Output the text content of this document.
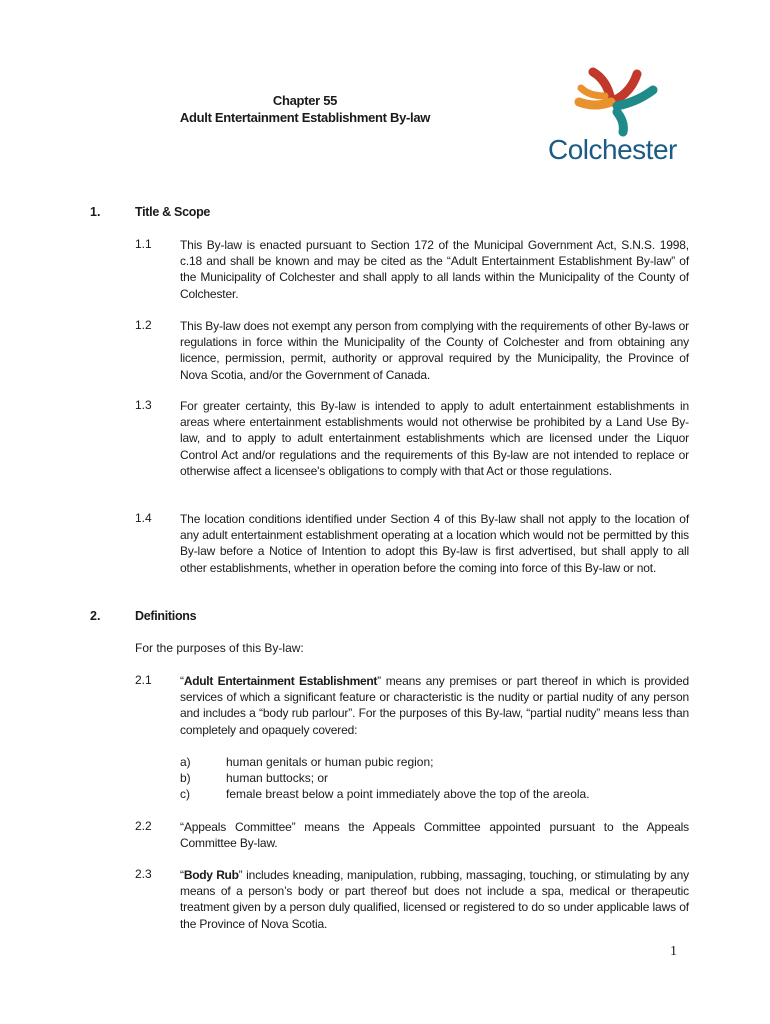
Chapter 55
Adult Entertainment Establishment By-law
Colchester
1.	Title & Scope
1.1 This By-law is enacted pursuant to Section 172 of the Municipal Government Act, S.N.S. 1998, c.18 and shall be known and may be cited as the “Adult Entertainment Establishment By-law” of the Municipality of Colchester and shall apply to all lands within the Municipality of the County of Colchester.
1.2 This By-law does not exempt any person from complying with the requirements of other By-laws or regulations in force within the Municipality of the County of Colchester and from obtaining any licence, permission, permit, authority or approval required by the Municipality, the Province of Nova Scotia, and/or the Government of Canada.
1.3 For greater certainty, this By-law is intended to apply to adult entertainment establishments in areas where entertainment establishments would not otherwise be prohibited by a Land Use By-law, and to apply to adult entertainment establishments which are licensed under the Liquor Control Act and/or regulations and the requirements of this By-law are not intended to replace or otherwise affect a licensee's obligations to comply with that Act or those regulations.
1.4 The location conditions identified under Section 4 of this By-law shall not apply to the location of any adult entertainment establishment operating at a location which would not be permitted by this By-law before a Notice of Intention to adopt this By-law is first advertised, but shall apply to all other establishments, whether in operation before the coming into force of this By-law or not.
2.	Definitions
For the purposes of this By-law:
2.1 “Adult Entertainment Establishment” means any premises or part thereof in which is provided services of which a significant feature or characteristic is the nudity or partial nudity of any person and includes a “body rub parlour”. For the purposes of this By-law, “partial nudity” means less than completely and opaquely covered:
a)	human genitals or human pubic region;
b)	human buttocks; or
c)	female breast below a point immediately above the top of the areola.
2.2 “Appeals Committee” means the Appeals Committee appointed pursuant to the Appeals Committee By-law.
2.3 “Body Rub” includes kneading, manipulation, rubbing, massaging, touching, or stimulating by any means of a person’s body or part thereof but does not include a spa, medical or therapeutic treatment given by a person duly qualified, licensed or registered to do so under applicable laws of the Province of Nova Scotia.
1
